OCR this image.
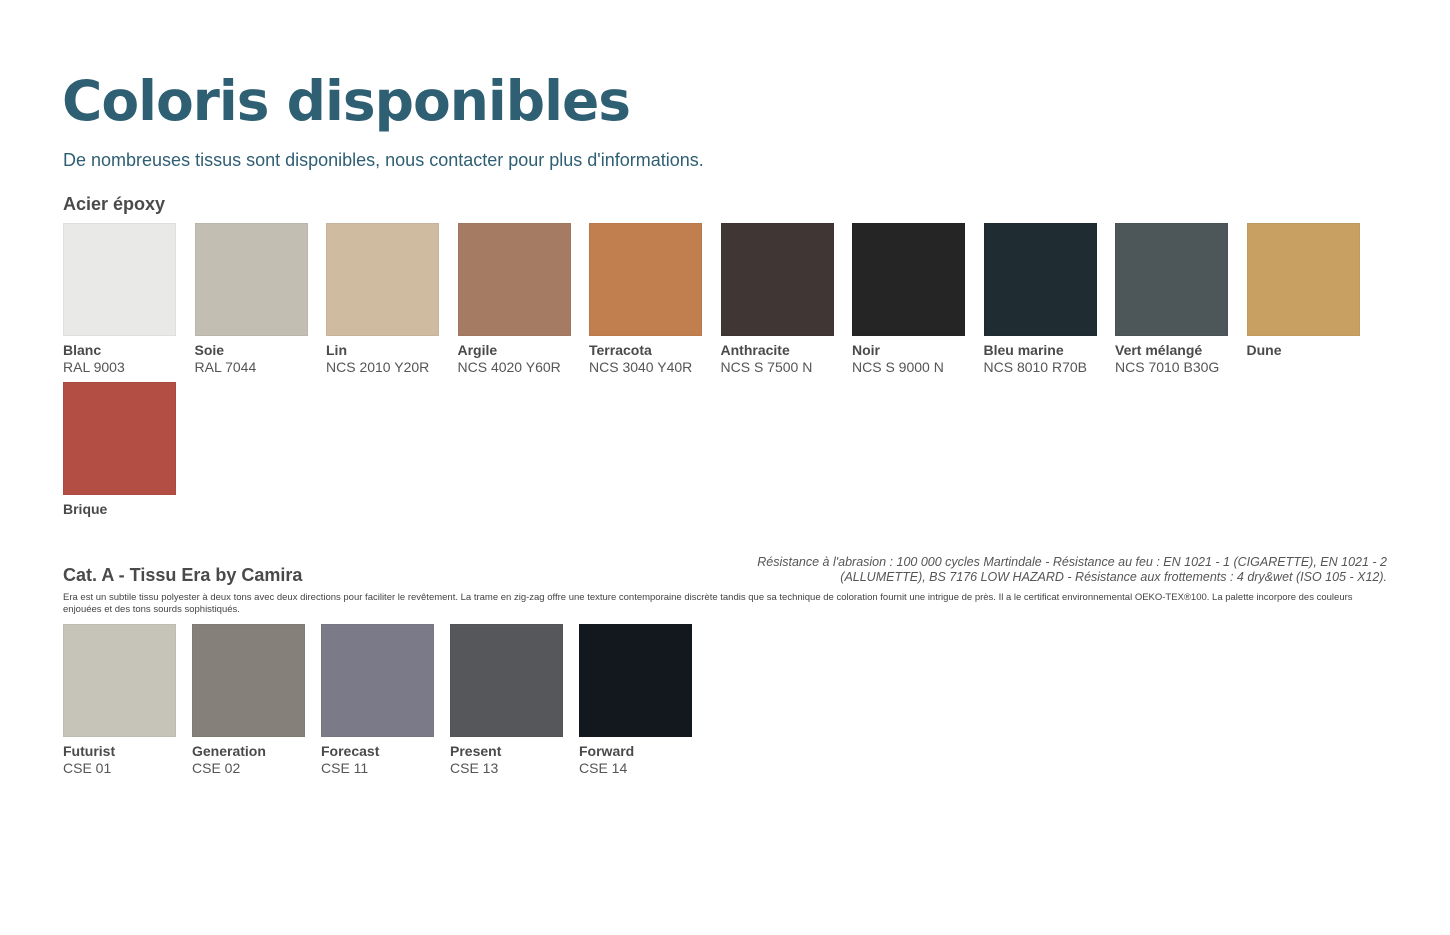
Coloris disponibles

De nombreuses tissus sont disponibles, nous contacter pour plus d'informations.

Acier époxy
Blanc
RAL 9003
Soie
RAL 7044
Lin
NCS 2010 Y20R
Argile
NCS 4020 Y60R
Terracota
NCS 3040 Y40R
Anthracite
NCS S 7500 N
Noir
NCS S 9000 N
Bleu marine
NCS 8010 R70B
Vert mélangé
NCS 7010 B30G
Dune
Brique
Cat. A - Tissu Era by Camira

Résistance à l'abrasion : 100 000 cycles Martindale - Résistance au feu : EN 1021 - 1 (CIGARETTE), EN 1021 - 2 (ALLUMETTE), BS 7176 LOW HAZARD - Résistance aux frottements : 4 dry&wet (ISO 105 - X12).

Era est un subtile tissu polyester à deux tons avec deux directions pour faciliter le revêtement. La trame en zig-zag offre une texture contemporaine discrète tandis que sa technique de coloration fournit une intrigue de près. Il a le certificat environnemental OEKO-TEX®100. La palette incorpore des couleurs enjouées et des tons sourds sophistiqués.

Futurist
CSE 01
Generation
CSE 02
Forecast
CSE 11
Present
CSE 13
Forward
CSE 14
